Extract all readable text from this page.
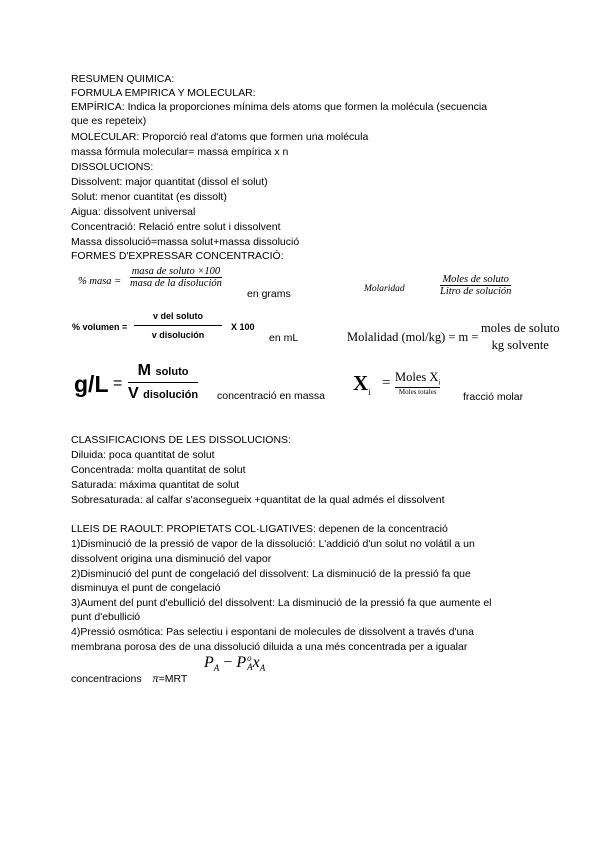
RESUMEN QUIMICA:
FORMULA EMPIRICA Y MOLECULAR:
EMPÍRICA: Indica la proporciones mínima dels atoms que formen la molécula (secuencia
que es repeteix)
MOLECULAR: Proporció real d'atoms que formen una molécula
massa fórmula molecular= massa empírica x n
DISSOLUCIONS:
Dissolvent: major quantitat (dissol el solut)
Solut: menor cuantitat (es dissolt)
Aigua: dissolvent universal
Concentració: Relació entre solut i dissolvent
Massa dissolució=massa solut+massa dissolució
FORMES D'EXPRESSAR CONCENTRACIÓ:
% masa =
masa de soluto ×100
masa de la disolución
en grams	Molaridad
Moles de soluto
Litro de solución
% volumen =
v del soluto
v disolución
X 100
en mL	Molalidad (mol/kg) = m =
moles de soluto
kg solvente
g/L =
M soluto
V disolución concentració en massa
$X_i$
= Moles $X_i$
Moles totales	fracció molar
CLASSIFICACIONS DE LES DISSOLUCIONS:
Diluida: poca quantitat de solut
Concentrada: molta quantitat de solut
Saturada: máxima quantitat de solut
Sobresaturada: al calfar s'aconsegueix +quantitat de la qual admés el dissolvent
LLEIS DE RAOULT: PROPIETATS COL·LIGATIVES: depenen de la concentració
1)Disminució de la pressió de vapor de la dissolució: L'addició d'un solut no volátil a un
dissolvent origina una disminució del vapor
2)Disminució del punt de congelació del dissolvent: La disminució de la pressió fa que
disminuya el punt de congelació
3)Aument del punt d'ebullició del dissolvent: La disminució de la pressió fa que aumente el
punt d'ebullició
4)Pressió osmótica: Pas selectiu i espontani de molecules de dissolvent a través d'una
membrana porosa des de una dissolució diluida a una més concentrada per a igualar
$P_A - P$ o
A $x_A$
concentracions π=MRT
